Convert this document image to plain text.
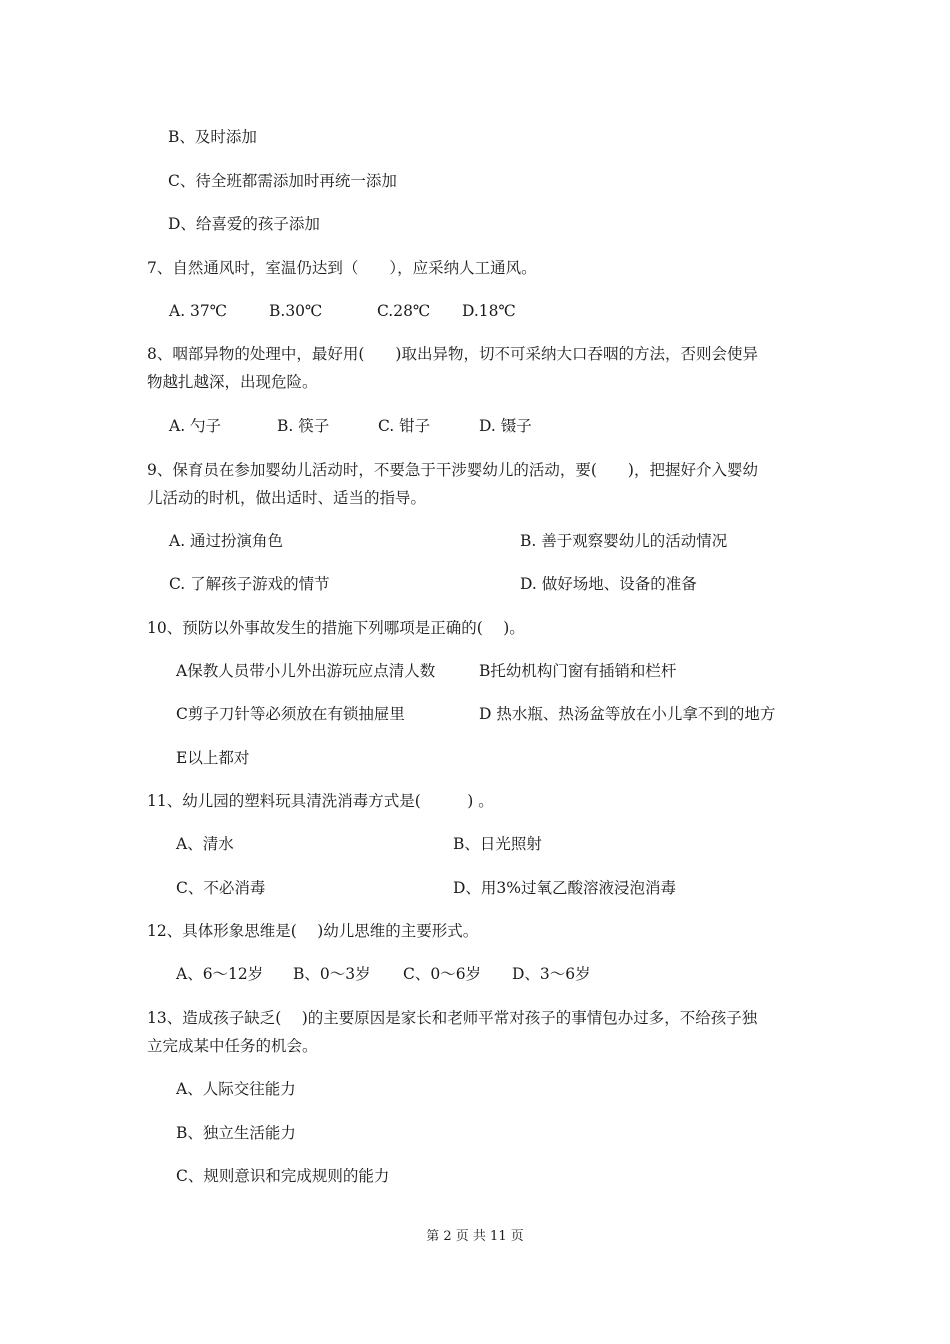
B、及时添加
C、待全班都需添加时再统一添加
D、给喜爱的孩子添加
7、自然通风时，室温仍达到（　　），应采纳人工通风。
A. 37℃	B.30℃	C.28℃ D.18℃
8、咽部异物的处理中，最好用(　　)取出异物，切不可采纳大口吞咽的方法，否则会使异
物越扎越深，出现危险。
A. 勺子	B. 筷子	C. 钳子	D. 镊子
9、保育员在参加婴幼儿活动时，不要急于干涉婴幼儿的活动，要(　　)，把握好介入婴幼
儿活动的时机，做出适时、适当的指导。
A. 通过扮演角色	B. 善于观察婴幼儿的活动情况
C. 了解孩子游戏的情节	D. 做好场地、设备的准备
10、预防以外事故发生的措施下列哪项是正确的(　 )。
A保教人员带小儿外出游玩应点清人数	B托幼机构门窗有插销和栏杆
C剪子刀针等必须放在有锁抽屉里	D 热水瓶、热汤盆等放在小儿拿不到的地方
E以上都对
11、幼儿园的塑料玩具清洗消毒方式是(　　　) 。
A、清水	B、日光照射
C、不必消毒	D、用3%过氧乙酸溶液浸泡消毒
12、具体形象思维是(　 )幼儿思维的主要形式。
A、6～12岁 B、0～3岁 C、0～6岁 D、3～6岁
13、造成孩子缺乏(　 )的主要原因是家长和老师平常对孩子的事情包办过多，不给孩子独
立完成某中任务的机会。
A、人际交往能力
B、独立生活能力
C、规则意识和完成规则的能力
第 2 页 共 11 页
